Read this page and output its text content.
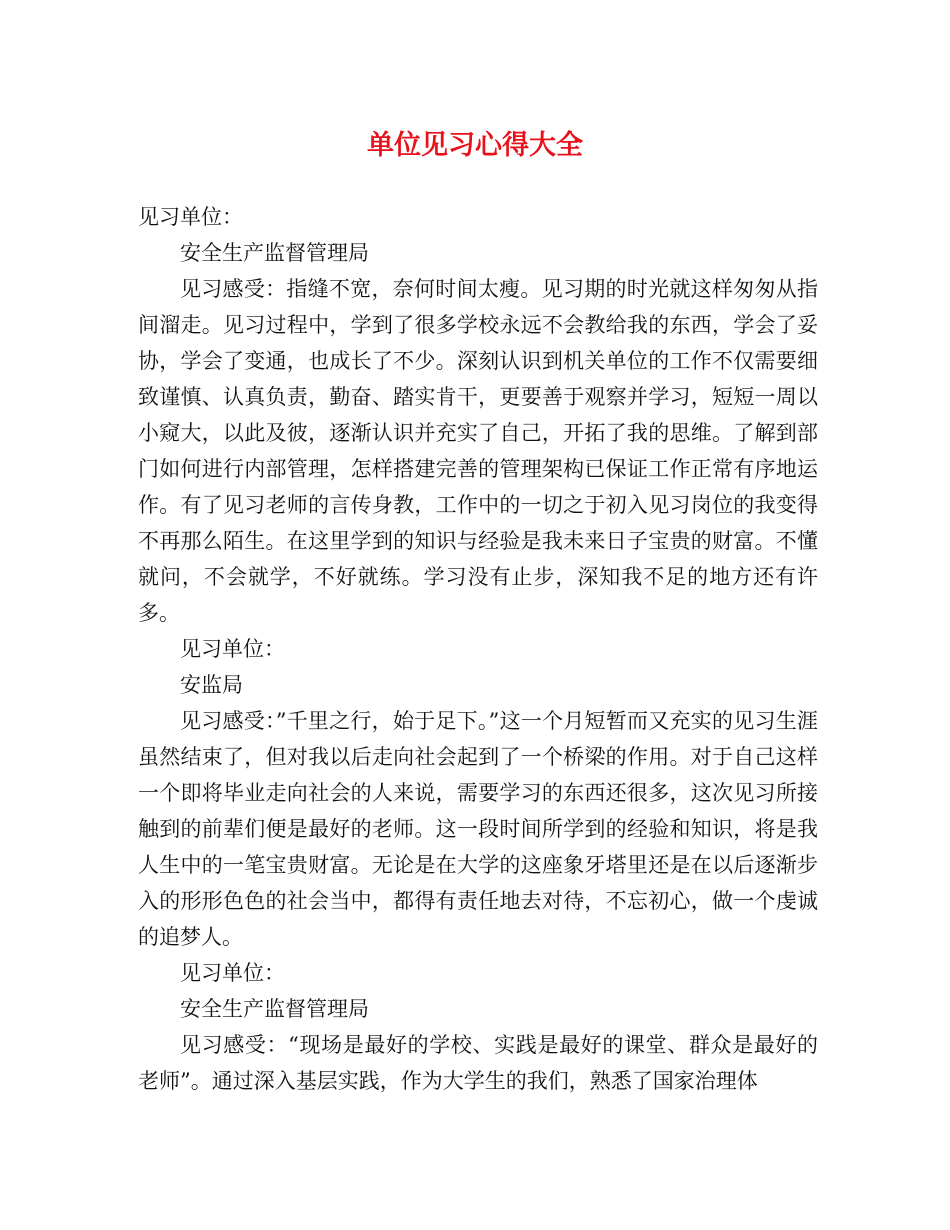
单位见习心得大全

见习单位：

安全生产监督管理局

见习感受：指缝不宽，奈何时间太瘦。见习期的时光就这样匆匆从指间溜走。见习过程中，学到了很多学校永远不会教给我的东西，学会了妥协，学会了变通，也成长了不少。深刻认识到机关单位的工作不仅需要细致谨慎、认真负责，勤奋、踏实肯干，更要善于观察并学习，短短一周以小窥大，以此及彼，逐渐认识并充实了自己，开拓了我的思维。了解到部门如何进行内部管理，怎样搭建完善的管理架构已保证工作正常有序地运作。有了见习老师的言传身教，工作中的一切之于初入见习岗位的我变得不再那么陌生。在这里学到的知识与经验是我未来日子宝贵的财富。不懂就问，不会就学，不好就练。学习没有止步，深知我不足的地方还有许多。

见习单位：

安监局

见习感受：”千里之行，始于足下。”这一个月短暂而又充实的见习生涯虽然结束了，但对我以后走向社会起到了一个桥梁的作用。对于自己这样一个即将毕业走向社会的人来说，需要学习的东西还很多，这次见习所接触到的前辈们便是最好的老师。这一段时间所学到的经验和知识，将是我人生中的一笔宝贵财富。无论是在大学的这座象牙塔里还是在以后逐渐步入的形形色色的社会当中，都得有责任地去对待，不忘初心，做一个虔诚的追梦人。

见习单位：

安全生产监督管理局

见习感受：“现场是最好的学校、实践是最好的课堂、群众是最好的老师”。通过深入基层实践，作为大学生的我们，熟悉了国家治理体
